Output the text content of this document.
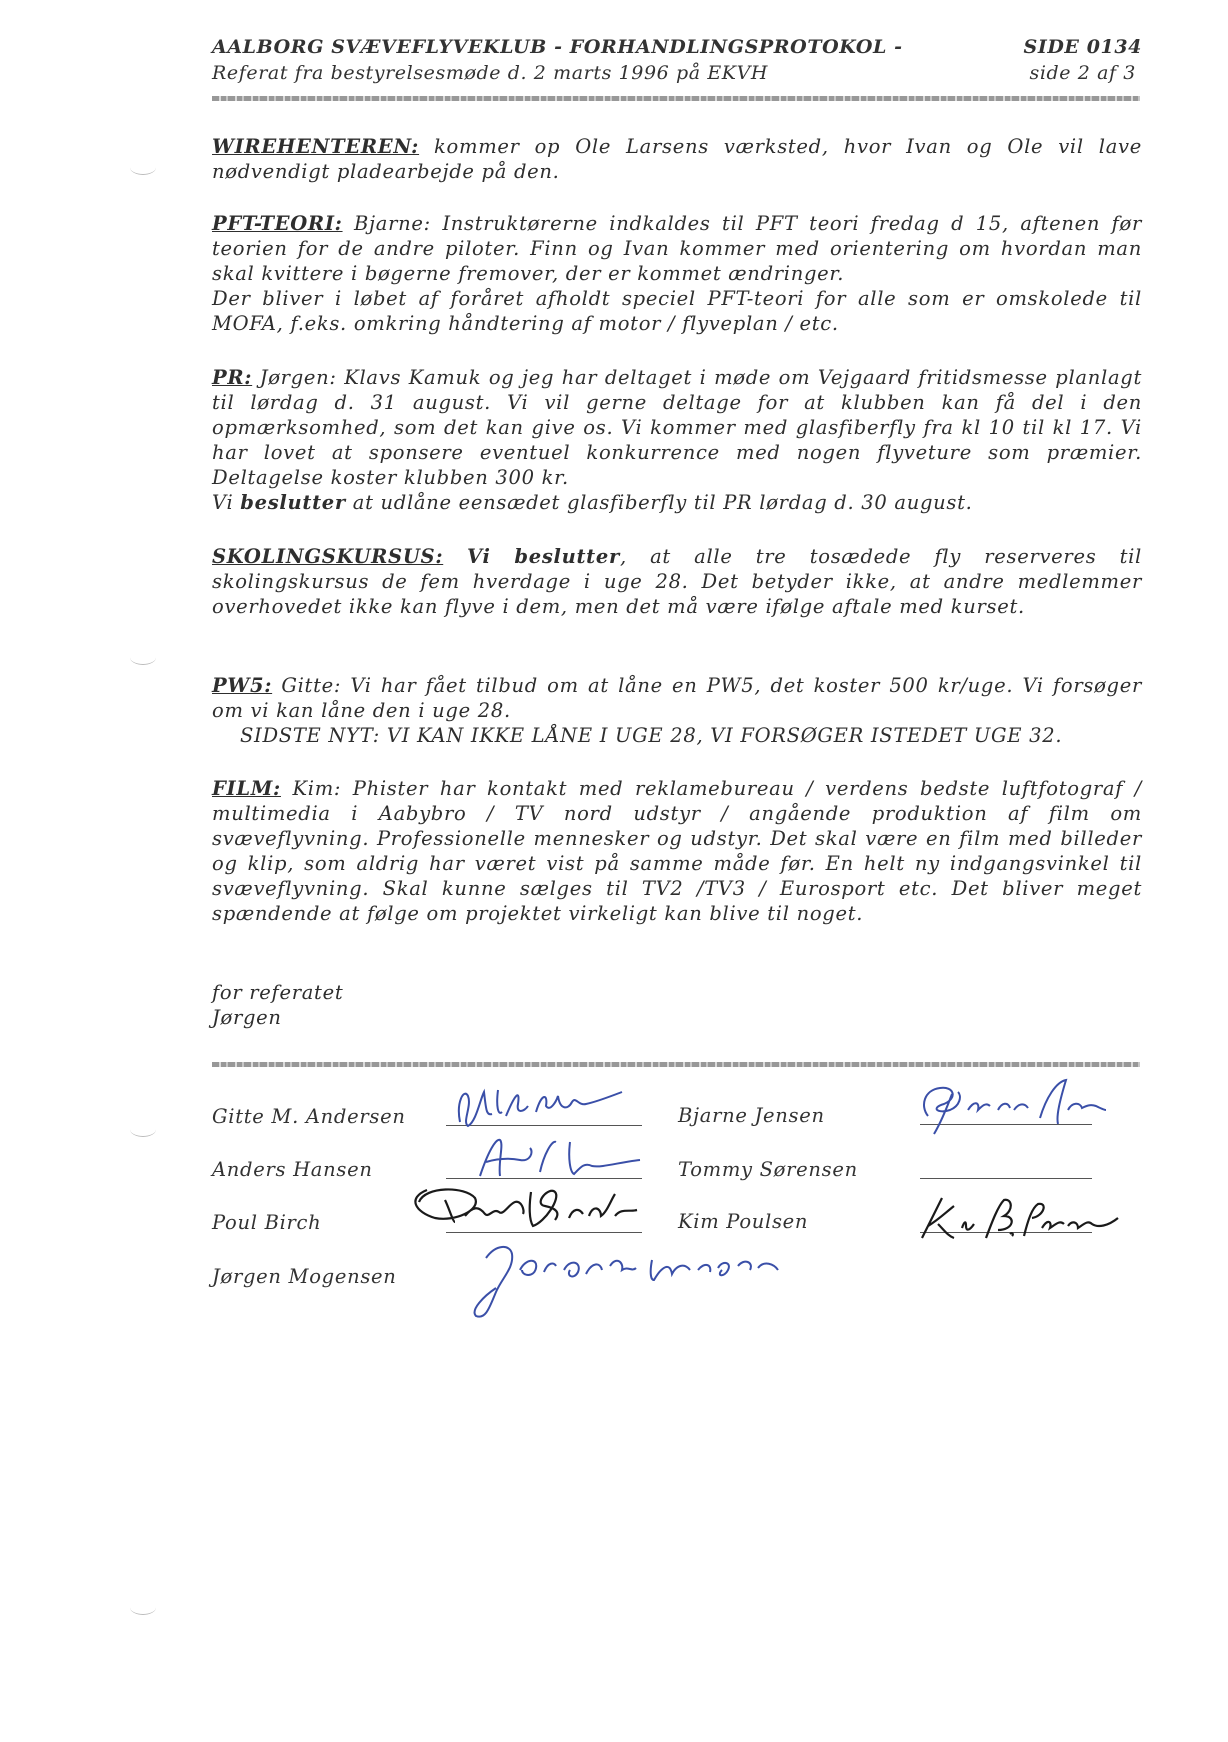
AALBORG SVÆVEFLYVEKLUB - FORHANDLINGSPROTOKOL -
Referat fra bestyrelsesmøde d. 2 marts 1996 på EKVH
SIDE 0134
side 2 af 3

WIREHENTEREN: kommer op Ole Larsens værksted, hvor Ivan og Ole vil lave nødvendigt pladearbejde på den.

PFT-TEORI: Bjarne: Instruktørerne indkaldes til PFT teori fredag d 15, aftenen før teorien for de andre piloter. Finn og Ivan kommer med orientering om hvordan man skal kvittere i bøgerne fremover, der er kommet ændringer.

Der bliver i løbet af foråret afholdt speciel PFT-teori for alle som er omskolede til MOFA, f.eks. omkring håndtering af motor / flyveplan / etc.

PR: Jørgen: Klavs Kamuk og jeg har deltaget i møde om Vejgaard fritidsmesse planlagt til lørdag d. 31 august. Vi vil gerne deltage for at klubben kan få del i den opmærksomhed, som det kan give os. Vi kommer med glasfiberfly fra kl 10 til kl 17. Vi har lovet at sponsere eventuel konkurrence med nogen flyveture som præmier. Deltagelse koster klubben 300 kr.

Vi beslutter at udlåne eensædet glasfiberfly til PR lørdag d. 30 august.

SKOLINGSKURSUS: Vi beslutter, at alle tre tosædede fly reserveres til skolingskursus de fem hverdage i uge 28. Det betyder ikke, at andre medlemmer overhovedet ikke kan flyve i dem, men det må være ifølge aftale med kurset.

PW5: Gitte: Vi har fået tilbud om at låne en PW5, det koster 500 kr/uge. Vi forsøger om vi kan låne den i uge 28.

SIDSTE NYT: VI KAN IKKE LÅNE I UGE 28, VI FORSØGER ISTEDET UGE 32.

FILM: Kim: Phister har kontakt med reklamebureau / verdens bedste luftfotograf / multimedia i Aabybro / TV nord udstyr / angående produktion af film om svæveflyvning. Professionelle mennesker og udstyr. Det skal være en film med billeder og klip, som aldrig har været vist på samme måde før. En helt ny indgangsvinkel til svæveflyvning. Skal kunne sælges til TV2 /TV3 / Eurosport etc. Det bliver meget spændende at følge om projektet virkeligt kan blive til noget.

for referatet
Jørgen
Gitte M. Andersen
Anders Hansen
Poul Birch
Jørgen Mogensen
Bjarne Jensen
Tommy Sørensen
Kim Poulsen
